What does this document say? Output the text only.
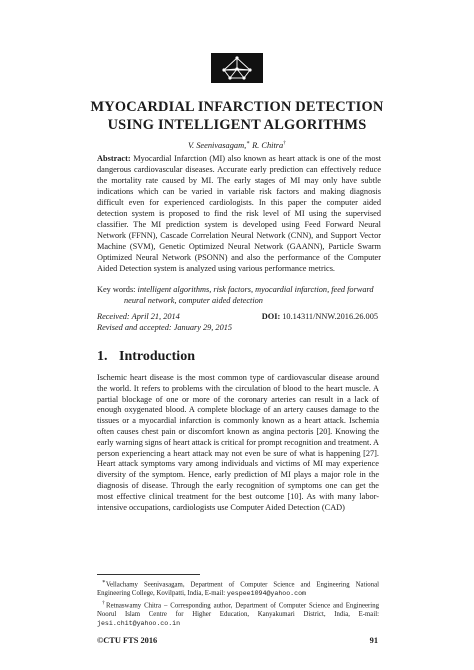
MYOCARDIAL INFARCTION DETECTION
USING INTELLIGENT ALGORITHMS
V. Seenivasagam,∗ R. Chitra†

Abstract: Myocardial Infarction (MI) also known as heart attack is one of the most dangerous cardiovascular diseases. Accurate early prediction can effectively reduce the mortality rate caused by MI. The early stages of MI may only have subtle indications which can be varied in variable risk factors and making diagnosis difficult even for experienced cardiologists. In this paper the computer aided detection system is proposed to find the risk level of MI using the supervised classifier. The MI prediction system is developed using Feed Forward Neural Network (FFNN), Cascade Correlation Neural Network (CNN), and Support Vector Machine (SVM), Genetic Optimized Neural Network (GAANN), Particle Swarm Optimized Neural Network (PSONN) and also the performance of the Computer Aided Detection system is analyzed using various performance metrics.

Key words: intelligent algorithms, risk factors, myocardial infarction, feed forward
neural network, computer aided detection

Received: April 21, 2014
Revised and accepted: January 29, 2015
DOI: 10.14311/NNW.2016.26.005
1. Introduction

Ischemic heart disease is the most common type of cardiovascular disease around the world. It refers to problems with the circulation of blood to the heart muscle. A partial blockage of one or more of the coronary arteries can result in a lack of enough oxygenated blood. A complete blockage of an artery causes damage to the tissues or a myocardial infarction is commonly known as a heart attack. Ischemia often causes chest pain or discomfort known as angina pectoris [20]. Knowing the early warning signs of heart attack is critical for prompt recognition and treatment. A person experiencing a heart attack may not even be sure of what is happening [27]. Heart attack symptoms vary among individuals and victims of MI may experience diversity of the symptom. Hence, early prediction of MI plays a major role in the diagnosis of disease. Through the early recognition of symptoms one can get the most effective clinical treatment for the best outcome [10]. As with many labor-intensive occupations, cardiologists use Computer Aided Detection (CAD)

∗Vellachamy Seenivasagam, Department of Computer Science and Engineering National Engineering College, Kovilpatti, India, E-mail: yespee1094@yahoo.com

†Retnaswamy Chitra – Corresponding author, Department of Computer Science and Engineering Noorul Islam Centre for Higher Education, Kanyakumari District, India, E-mail: jesi.chit@yahoo.co.in

©CTU FTS 2016	91
